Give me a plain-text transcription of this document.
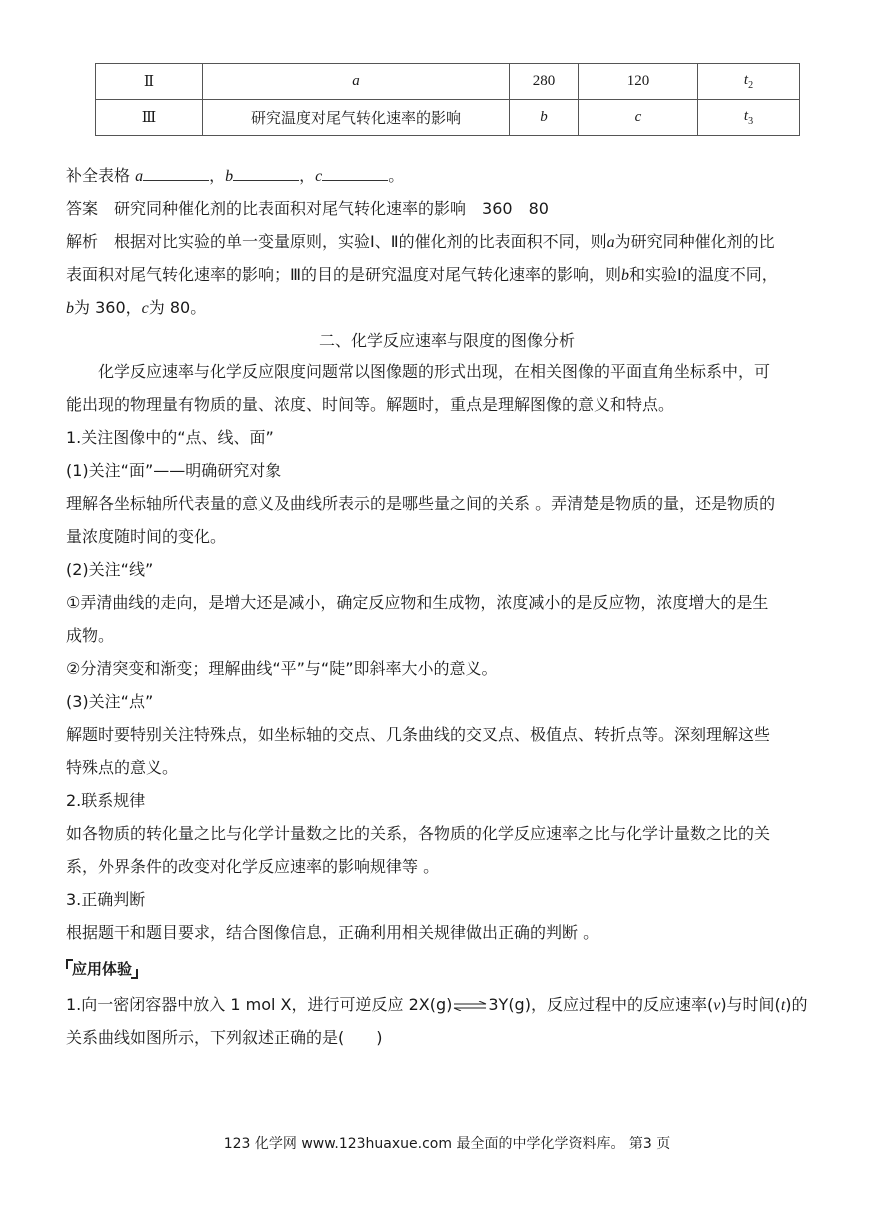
Ⅱ	a	280	120	$t_2$
Ⅲ	研究温度对尾气转化速率的影响	b	c	$t_3$
补全表格 a	，b	，c	。
答案　 研究同种催化剂的比表面积对尾气转化速率的影响　360　80
解析　 根据对比实验的单一变量原则，实验Ⅰ、Ⅱ的催化剂的比表面积不同，则a为研究同种催化剂的比
表面积对尾气转化速率的影响；Ⅲ的目的是研究温度对尾气转化速率的影响，则b和实验Ⅰ的温度不同，
b为 360，c为 80。
二、化学反应速率与限度的图像分析
　　化学反应速率与化学反应限度问题常以图像题的形式出现，在相关图像的平面直角坐标系中，可
能出现的物理量有物质的量、浓度、时间等。解题时，重点是理解图像的意义和特点。
1.关注图像中的“点、线、面”
(1)关注“面”——明确研究对象
理解各坐标轴所代表量的意义及曲线所表示的是哪些量之间的关系 。弄清楚是物质的量，还是物质的
量浓度随时间的变化。
(2)关注“线”
①弄清曲线的走向，是增大还是减小，确定反应物和生成物，浓度减小的是反应物，浓度增大的是生
成物。
②分清突变和渐变；理解曲线“平”与“陡”即斜率大小的意义。
(3)关注“点”
解题时要特别关注特殊点，如坐标轴的交点、几条曲线的交叉点、极值点、转折点等。深刻理解这些
特殊点的意义。
2.联系规律
如各物质的转化量之比与化学计量数之比的关系，各物质的化学反应速率之比与化学计量数之比的关
系，外界条件的改变对化学反应速率的影响规律等 。
3.正确判断
根据题干和题目要求，结合图像信息，正确利用相关规律做出正确的判断 。
应用体验
1.向一密闭容器中放入 1 mol X，进行可逆反应 2X(g)⇌3Y(g)，反应过程中的反应速率(v)与时间(t)的
关系曲线如图所示，下列叙述正确的是(　　)
123 化学网 www.123huaxue.com 最全面的中学化学资料库。 第3 页
